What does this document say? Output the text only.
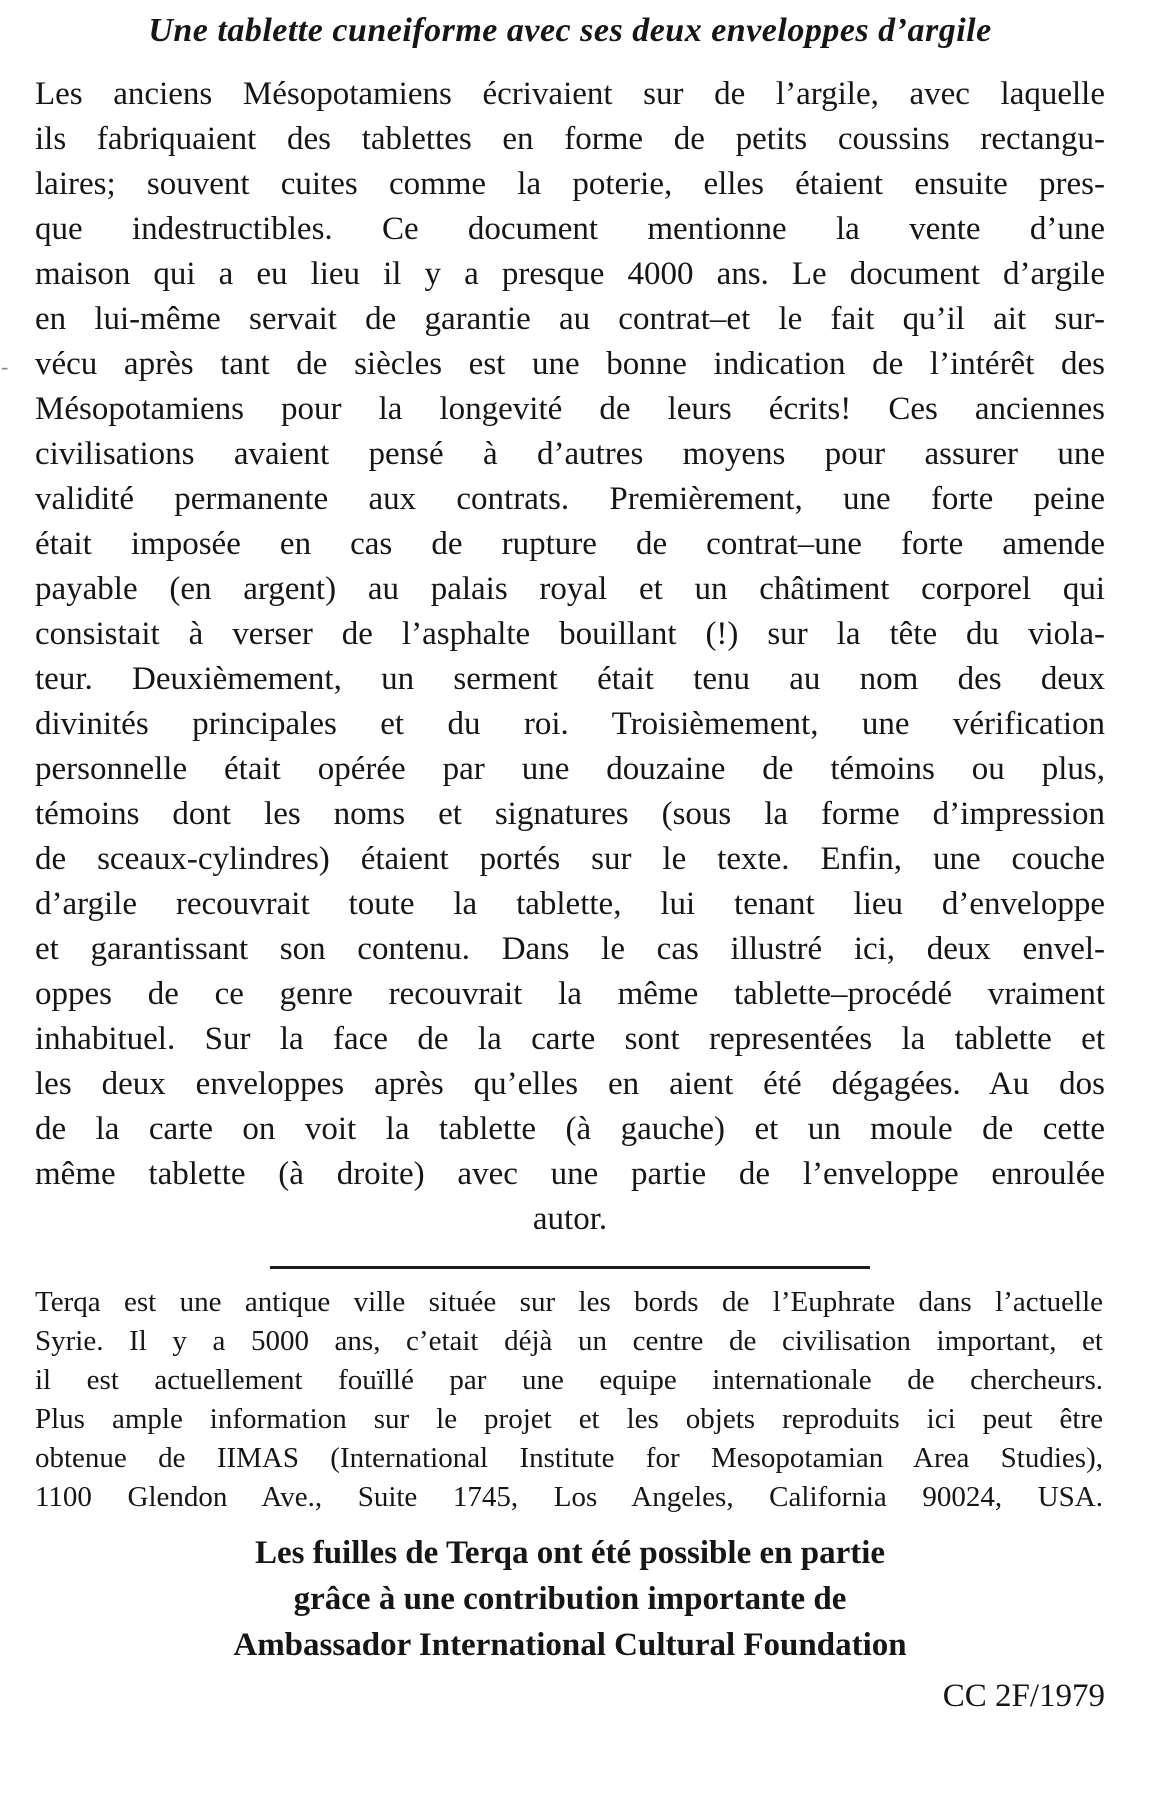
Une tablette cuneiforme avec ses deux enveloppes d’argile
-
Les anciens Mésopotamiens écrivaient sur de l’argile, avec laquelle
ils fabriquaient des tablettes en forme de petits coussins rectangu-
laires; souvent cuites comme la poterie, elles étaient ensuite pres-
que indestructibles. Ce document mentionne la vente d’une
maison qui a eu lieu il y a presque 4000 ans. Le document d’argile
en lui-même servait de garantie au contrat–et le fait qu’il ait sur-
vécu après tant de siècles est une bonne indication de l’intérêt des
Mésopotamiens pour la longevité de leurs écrits! Ces anciennes
civilisations avaient pensé à d’autres moyens pour assurer une
validité permanente aux contrats. Premièrement, une forte peine
était imposée en cas de rupture de contrat–une forte amende
payable (en argent) au palais royal et un châtiment corporel qui
consistait à verser de l’asphalte bouillant (!) sur la tête du viola-
teur. Deuxièmement, un serment était tenu au nom des deux
divinités principales et du roi. Troisièmement, une vérification
personnelle était opérée par une douzaine de témoins ou plus,
témoins dont les noms et signatures (sous la forme d’impression
de sceaux-cylindres) étaient portés sur le texte. Enfin, une couche
d’argile recouvrait toute la tablette, lui tenant lieu d’enveloppe
et garantissant son contenu. Dans le cas illustré ici, deux envel-
oppes de ce genre recouvrait la même tablette–procédé vraiment
inhabituel. Sur la face de la carte sont representées la tablette et
les deux enveloppes après qu’elles en aient été dégagées. Au dos
de la carte on voit la tablette (à gauche) et un moule de cette
même tablette (à droite) avec une partie de l’enveloppe enroulée
autor.
Terqa est une antique ville située sur les bords de l’Euphrate dans l’actuelle
Syrie. Il y a 5000 ans, c’etait déjà un centre de civilisation important, et
il est actuellement fouïllé par une equipe internationale de chercheurs.
Plus ample information sur le projet et les objets reproduits ici peut être
obtenue de IIMAS (International Institute for Mesopotamian Area Studies),
1100 Glendon Ave., Suite 1745, Los Angeles, California 90024, USA.
Les fuilles de Terqa ont été possible en partie
grâce à une contribution importante de
Ambassador International Cultural Foundation
CC 2F/1979
